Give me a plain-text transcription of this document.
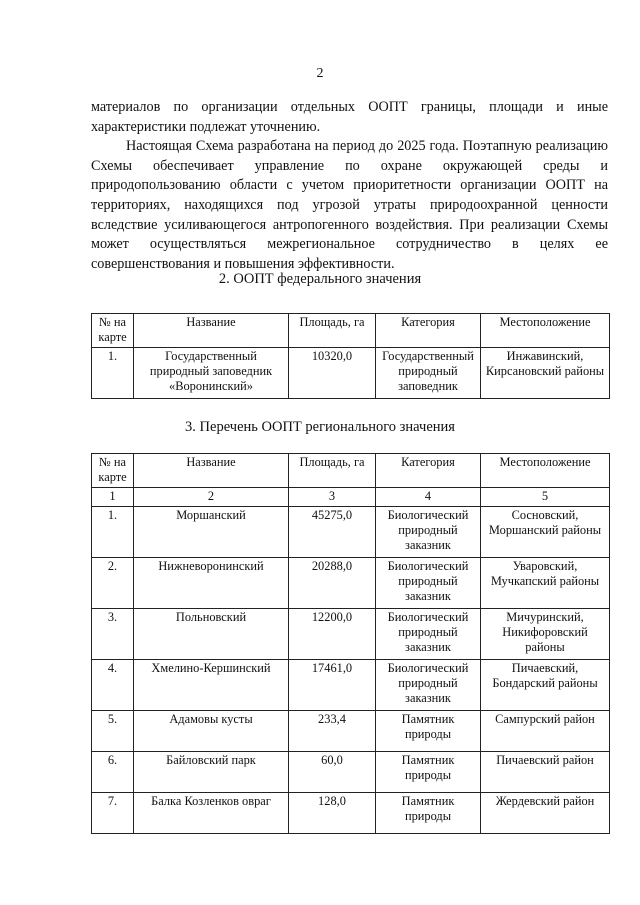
2

материалов по организации отдельных ООПТ границы, площади и иные характеристики подлежат уточнению.

Настоящая Схема разработана на период до 2025 года. Поэтапную реализацию Схемы обеспечивает управление по охране окружающей среды и природопользованию области с учетом приоритетности организации ООПТ на территориях, находящихся под угрозой утраты природоохранной ценности вследствие усиливающегося антропогенного воздействия. При реализации Схемы может осуществляться межрегиональное сотрудничество в целях ее совершенствования и повышения эффективности.

2. ООПТ федерального значения
№ на карте	Название	Площадь, га	Категория	Местоположение
1.	Государственный природный заповедник «Воронинский»	10320,0	Государственный природный заповедник	Инжавинский, Кирсановский районы
3. Перечень ООПТ регионального значения
№ на карте	Название	Площадь, га	Категория	Местоположение
1	2	3	4	5
1.	Моршанский	45275,0	Биологический природный заказник	Сосновский, Моршанский районы
2.	Нижневоронинский	20288,0	Биологический природный заказник	Уваровский, Мучкапский районы
3.	Польновский	12200,0	Биологический природный заказник	Мичуринский, Никифоровский районы
4.	Хмелино-Кершинский	17461,0	Биологический природный заказник	Пичаевский, Бондарский районы
5.	Адамовы кусты	233,4	Памятник природы	Сампурский район
6.	Байловский парк	60,0	Памятник природы	Пичаевский район
7.	Балка Козленков овраг	128,0	Памятник природы	Жердевский район
